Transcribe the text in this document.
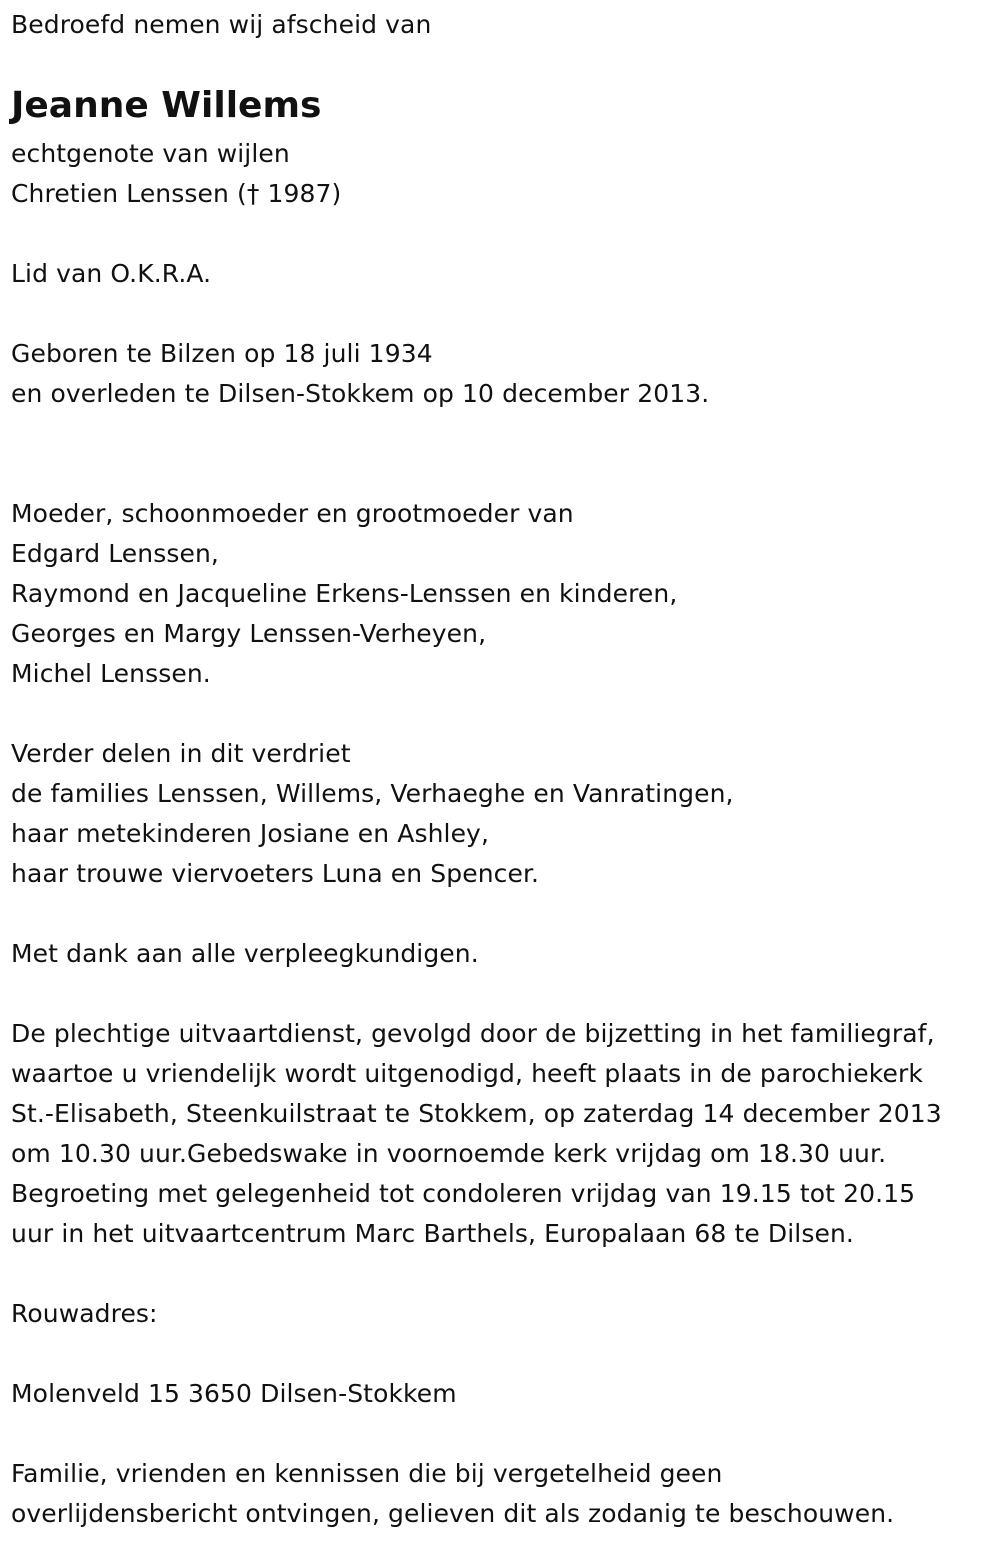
Bedroefd nemen wij afscheid van
Jeanne Willems
echtgenote van wijlen
Chretien Lenssen († 1987)
Lid van O.K.R.A.
Geboren te Bilzen op 18 juli 1934
en overleden te Dilsen-Stokkem op 10 december 2013.
Moeder, schoonmoeder en grootmoeder van
Edgard Lenssen,
Raymond en Jacqueline Erkens-Lenssen en kinderen,
Georges en Margy Lenssen-Verheyen,
Michel Lenssen.
Verder delen in dit verdriet
de families Lenssen, Willems, Verhaeghe en Vanratingen,
haar metekinderen Josiane en Ashley,
haar trouwe viervoeters Luna en Spencer.
Met dank aan alle verpleegkundigen.
De plechtige uitvaartdienst, gevolgd door de bijzetting in het familiegraf,
waartoe u vriendelijk wordt uitgenodigd, heeft plaats in de parochiekerk
St.-Elisabeth, Steenkuilstraat te Stokkem, op zaterdag 14 december 2013
om 10.30 uur.Gebedswake in voornoemde kerk vrijdag om 18.30 uur.
Begroeting met gelegenheid tot condoleren vrijdag van 19.15 tot 20.15
uur in het uitvaartcentrum Marc Barthels, Europalaan 68 te Dilsen.
Rouwadres:
Molenveld 15 3650 Dilsen-Stokkem
Familie, vrienden en kennissen die bij vergetelheid geen
overlijdensbericht ontvingen, gelieven dit als zodanig te beschouwen.
